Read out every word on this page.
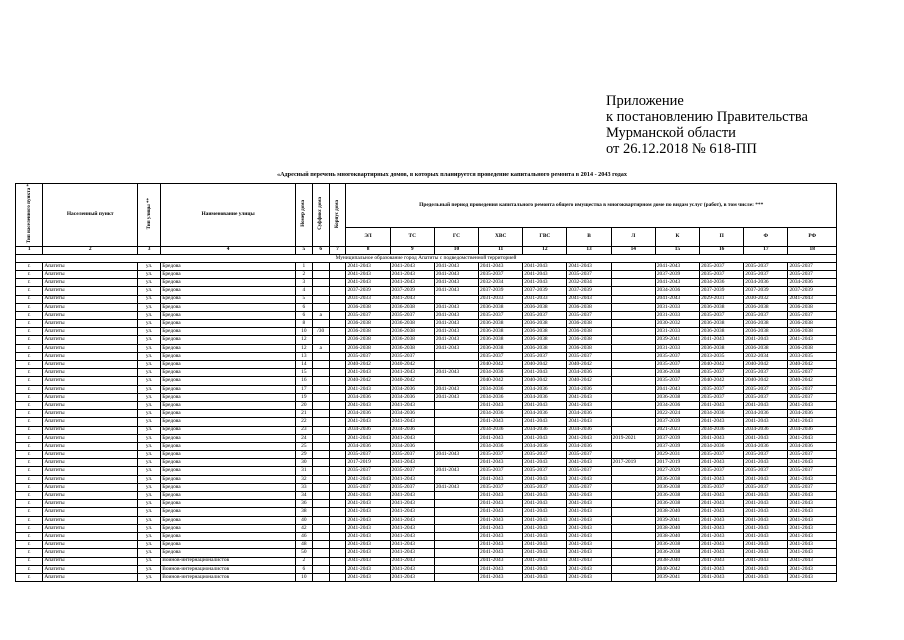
Приложение
к постановлению Правительства
Мурманской области
от 26.12.2018 № 618-ПП
«Адресный перечень многоквартирных домов, в которых планируется проведение капитального ремонта в 2014 - 2043 годах
Тип населенного пункта *	Населенный пункт	Тип улицы **	Наименование улицы	Номер дома	Суффикс дома	Корпус дома	Предельный период проведения капитального ремонта общего имущества в многоквартирном доме по видам услуг (работ), в том числе: ***										
							ЭЛ	ТС	ГС	ХВС	ГВС	В	Л	К	П	Ф	РФ
1	2	3	4	5	6	7	8	9	10	11	12	13	14	15	16	17	18
Муниципальное образование город Апатиты с подведомственной территорией																	
г.	Апатиты	ул.	Бредова	1			2041-2043	2041-2043	2041-2043	2041-2043	2041-2043	2041-2043		2041-2043	2035-2037	2035-2037	2035-2037
г.	Апатиты	ул.	Бредова	2			2041-2043	2041-2043	2041-2043	2035-2037	2041-2043	2035-2037		2037-2039	2035-2037	2035-2037	2035-2037
г.	Апатиты	ул.	Бредова	3			2041-2043	2041-2043	2041-2043	2032-2034	2041-2043	2032-2034		2041-2043	2034-2036	2034-2036	2034-2036
г.	Апатиты	ул.	Бредова	4			2037-2039	2037-2039	2041-2043	2037-2039	2037-2039	2037-2039		2034-2036	2037-2039	2037-2039	2037-2039
г.	Апатиты	ул.	Бредова	5			2031-2033	2041-2043		2031-2033	2031-2033	2041-2043		2041-2043	2029-2031	2030-2032	2041-2043
г.	Апатиты	ул.	Бредова	6			2036-2038	2036-2038	2041-2043	2036-2038	2036-2038	2036-2038		2031-2033	2036-2038	2036-2038	2036-2038
г.	Апатиты	ул.	Бредова	6	а		2035-2037	2035-2037	2041-2043	2035-2037	2035-2037	2035-2037		2031-2033	2035-2037	2035-2037	2035-2037
г.	Апатиты	ул.	Бредова	8			2036-2038	2036-2038	2041-2043	2036-2038	2036-2038	2036-2038		2030-2032	2036-2038	2036-2038	2036-2038
г.	Апатиты	ул.	Бредова	10	/30		2036-2038	2036-2038	2041-2043	2036-2038	2036-2038	2036-2038		2031-2033	2036-2038	2036-2038	2036-2038
г.	Апатиты	ул.	Бредова	12			2036-2038	2036-2038	2041-2043	2036-2038	2036-2038	2036-2038		2039-2041	2041-2043	2041-2043	2041-2043
г.	Апатиты	ул.	Бредова	12	а		2036-2038	2036-2038	2041-2043	2036-2038	2036-2038	2036-2038		2031-2033	2036-2038	2036-2038	2036-2038
г.	Апатиты	ул.	Бредова	13			2035-2037	2035-2037		2035-2037	2035-2037	2035-2037		2035-2037	2033-2035	2032-2034	2033-2035
г.	Апатиты	ул.	Бредова	14			2040-2042	2040-2042		2040-2042	2040-2042	2040-2042		2035-2037	2040-2042	2040-2042	2040-2042
г.	Апатиты	ул.	Бредова	15			2041-2043	2041-2043	2041-2043	2034-2036	2041-2043	2034-2036		2036-2038	2035-2037	2035-2037	2035-2037
г.	Апатиты	ул.	Бредова	16			2040-2042	2040-2042		2040-2042	2040-2042	2040-2042		2035-2037	2040-2042	2040-2042	2040-2042
г.	Апатиты	ул.	Бредова	17			2041-2043	2034-2036	2041-2043	2034-2036	2034-2036	2034-2036		2041-2043	2035-2037	2035-2037	2035-2037
г.	Апатиты	ул.	Бредова	19			2034-2036	2034-2036	2041-2043	2034-2036	2034-2036	2041-2043		2036-2038	2035-2037	2035-2037	2035-2037
г.	Апатиты	ул.	Бредова	20			2041-2043	2041-2043		2041-2043	2041-2043	2041-2043		2034-2036	2041-2043	2041-2043	2041-2043
г.	Апатиты	ул.	Бредова	21			2034-2036	2034-2036		2034-2036	2034-2036	2034-2036		2022-2024	2034-2036	2034-2036	2034-2036
г.	Апатиты	ул.	Бредова	22			2041-2043	2041-2043		2041-2043	2041-2043	2041-2043		2037-2039	2041-2043	2041-2043	2041-2043
г.	Апатиты	ул.	Бредова	23			2034-2036	2034-2036		2034-2036	2034-2036	2034-2036		2021-2023	2034-2036	2034-2036	2034-2036
г.	Апатиты	ул.	Бредова	24			2041-2043	2041-2043		2041-2043	2041-2043	2041-2043	2019-2021	2037-2039	2041-2043	2041-2043	2041-2043
г.	Апатиты	ул.	Бредова	25			2034-2036	2034-2036		2034-2036	2034-2036	2034-2036		2037-2039	2034-2036	2034-2036	2034-2036
г.	Апатиты	ул.	Бредова	29			2035-2037	2035-2037	2041-2043	2035-2037	2035-2037	2035-2037		2029-2031	2035-2037	2035-2037	2035-2037
г.	Апатиты	ул.	Бредова	30			2017-2019	2041-2043		2041-2043	2041-2043	2041-2043	2017-2019	2017-2019	2041-2043	2041-2043	2041-2043
г.	Апатиты	ул.	Бредова	31			2035-2037	2035-2037	2041-2043	2035-2037	2035-2037	2035-2037		2027-2029	2035-2037	2035-2037	2035-2037
г.	Апатиты	ул.	Бредова	32			2041-2043	2041-2043		2041-2043	2041-2043	2041-2043		2036-2038	2041-2043	2041-2043	2041-2043
г.	Апатиты	ул.	Бредова	33			2035-2037	2035-2037	2041-2043	2035-2037	2035-2037	2035-2037		2036-2038	2035-2037	2035-2037	2035-2037
г.	Апатиты	ул.	Бредова	34			2041-2043	2041-2043		2041-2043	2041-2043	2041-2043		2036-2038	2041-2043	2041-2043	2041-2043
г.	Апатиты	ул.	Бредова	36			2041-2043	2041-2043		2041-2043	2041-2043	2041-2043		2036-2038	2041-2043	2041-2043	2041-2043
г.	Апатиты	ул.	Бредова	38			2041-2043	2041-2043		2041-2043	2041-2043	2041-2043		2038-2040	2041-2043	2041-2043	2041-2043
г.	Апатиты	ул.	Бредова	40			2041-2043	2041-2043		2041-2043	2041-2043	2041-2043		2039-2041	2041-2043	2041-2043	2041-2043
г.	Апатиты	ул.	Бредова	42			2041-2043	2041-2043		2041-2043	2041-2043	2041-2043		2038-2040	2041-2043	2041-2043	2041-2043
г.	Апатиты	ул.	Бредова	46			2041-2043	2041-2043		2041-2043	2041-2043	2041-2043		2038-2040	2041-2043	2041-2043	2041-2043
г.	Апатиты	ул.	Бредова	48			2041-2043	2041-2043		2041-2043	2041-2043	2041-2043		2036-2038	2041-2043	2041-2043	2041-2043
г.	Апатиты	ул.	Бредова	50			2041-2043	2041-2043		2041-2043	2041-2043	2041-2043		2036-2038	2041-2043	2041-2043	2041-2043
г.	Апатиты	ул.	Воинов-интернационалистов	2			2041-2043	2041-2043		2041-2043	2041-2043	2041-2043		2038-2040	2041-2043	2041-2043	2041-2043
г.	Апатиты	ул.	Воинов-интернационалистов	6			2041-2043	2041-2043		2041-2043	2041-2043	2041-2043		2040-2042	2041-2043	2041-2043	2041-2043
г.	Апатиты	ул.	Воинов-интернационалистов	10			2041-2043	2041-2043		2041-2043	2041-2043	2041-2043		2039-2041	2041-2043	2041-2043	2041-2043
